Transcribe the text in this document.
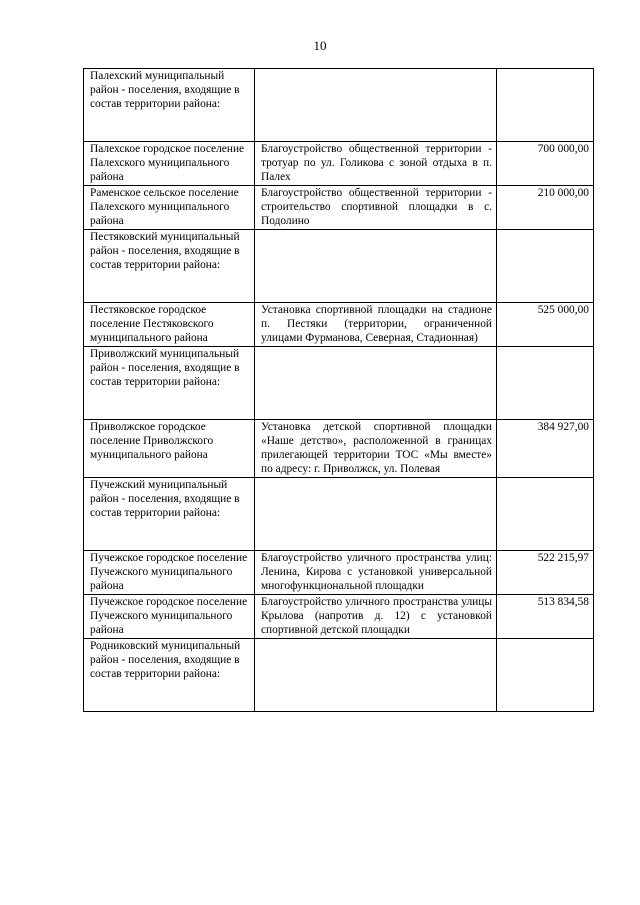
10
Палехский муниципальный район - поселения, входящие в состав территории района:		
Палехское городское поселение Палехского муниципального района	Благоустройство общественной территории - тротуар по ул. Голикова с зоной отдыха в п. Палех	700 000,00
Раменское сельское поселение Палехского муниципального района	Благоустройство общественной территории - строительство спортивной площадки в с. Подолино	210 000,00
Пестяковский муниципальный район - поселения, входящие в состав территории района:		
Пестяковское городское поселение Пестяковского муниципального района	Установка спортивной площадки на стадионе п. Пестяки (территории, ограниченной улицами Фурманова, Северная, Стадионная)	525 000,00
Приволжский муниципальный район - поселения, входящие в состав территории района:		
Приволжское городское поселение Приволжского муниципального района	Установка детской спортивной площадки «Наше детство», расположенной в границах прилегающей территории ТОС «Мы вместе» по адресу: г. Приволжск, ул. Полевая	384 927,00
Пучежский муниципальный район - поселения, входящие в состав территории района:		
Пучежское городское поселение Пучежского муниципального района	Благоустройство уличного пространства улиц: Ленина, Кирова с установкой универсальной многофункциональной площадки	522 215,97
Пучежское городское поселение Пучежского муниципального района	Благоустройство уличного пространства улицы Крылова (напротив д. 12) с установкой спортивной детской площадки	513 834,58
Родниковский муниципальный район - поселения, входящие в состав территории района:		
